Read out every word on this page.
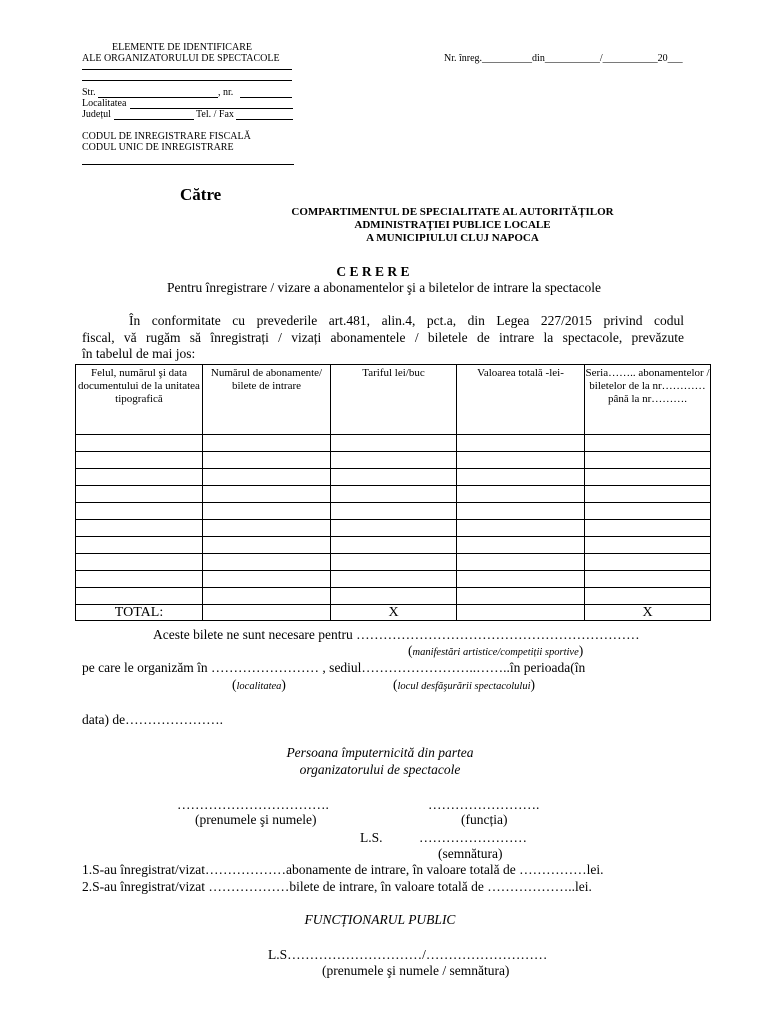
ELEMENTE DE IDENTIFICARE
ALE ORGANIZATORULUI DE SPECTACOLE
Str.	, nr.
Localitatea
Județul	Tel. / Fax
CODUL DE INREGISTRARE FISCALĂ
CODUL UNIC DE INREGISTRARE
Nr. înreg.__________din___________/___________20___
Către
COMPARTIMENTUL DE SPECIALITATE AL AUTORITĂȚILOR
ADMINISTRAȚIEI PUBLICE LOCALE
A MUNICIPIULUI CLUJ NAPOCA
C E R E R E
Pentru înregistrare / vizare a abonamentelor şi a biletelor de intrare la spectacole
În conformitate cu prevederile art.481, alin.4, pct.a, din Legea 227/2015 privind codul
fiscal, vă rugăm să înregistrați / vizați abonamentele / biletele de intrare la spectacole, prevăzute
în tabelul de mai jos:
Felul, numărul şi data documentului de la unitatea tipografică	Numărul de abonamente/ bilete de intrare	Tariful lei/buc	Valoarea totală -lei-	Seria…….. abonamentelor / biletelor de la nr………… până la nr……….

TOTAL:		X		X
Aceste bilete ne sunt necesare pentru ………………………………………………………
(manifestări artistice/competiții sportive)
pe care le organizăm în …………………… , sediul……………………..……..în perioada(în
(localitatea)	(locul desfăşurării spectacolului)
data) de………………….
Persoana împuternicită din partea
organizatorului de spectacole
…………………………….	…………………….
(prenumele şi numele)	(funcția)
L.S.	……………………
(semnătura)
1.S-au înregistrat/vizat………………abonamente de intrare, în valoare totală de ……………lei.
2.S-au înregistrat/vizat ………………bilete de intrare, în valoare totală de ………………..lei.
FUNCȚIONARUL PUBLIC
L.S…………………………/………………………
(prenumele şi numele / semnătura)
